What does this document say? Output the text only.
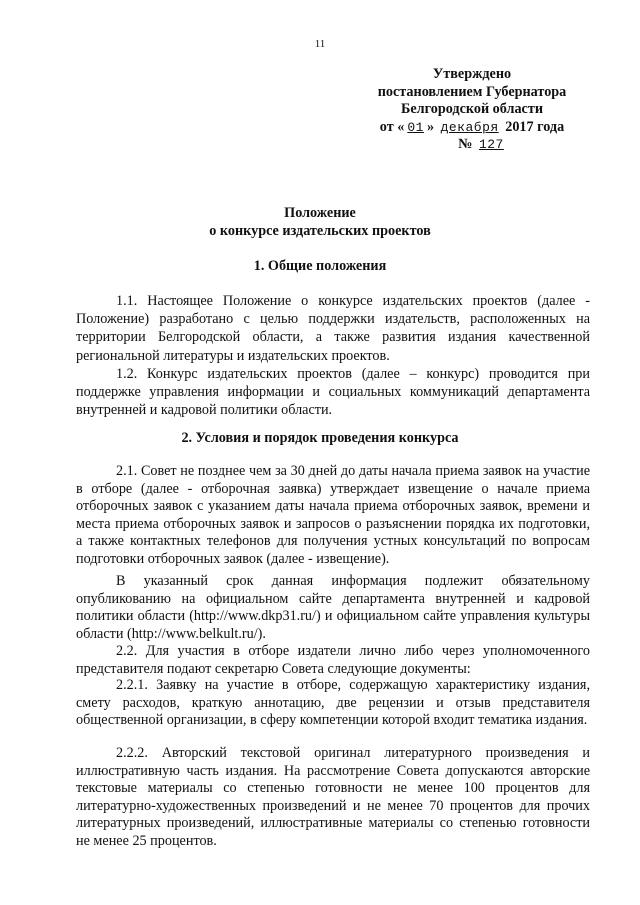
11
Утверждено
постановлением Губернатора
Белгородской области
от « 01 » декабря 2017 года
№ 127
Положение
о конкурсе издательских проектов
1. Общие положения
1.1. Настоящее Положение о конкурсе издательских проектов (далее - Положение) разработано с целью поддержки издательств, расположенных на территории Белгородской области, а также развития издания качественной региональной литературы и издательских проектов.
1.2. Конкурс издательских проектов (далее – конкурс) проводится при поддержке управления информации и социальных коммуникаций департамента внутренней и кадровой политики области.
2. Условия и порядок проведения конкурса
2.1. Совет не позднее чем за 30 дней до даты начала приема заявок на участие в отборе (далее - отборочная заявка) утверждает извещение о начале приема отборочных заявок с указанием даты начала приема отборочных заявок, времени и места приема отборочных заявок и запросов о разъяснении порядка их подготовки, а также контактных телефонов для получения устных консультаций по вопросам подготовки отборочных заявок (далее - извещение).
В указанный срок данная информация подлежит обязательному опубликованию на официальном сайте департамента внутренней и кадровой политики области (http://www.dkp31.ru/) и официальном сайте управления культуры области (http://www.belkult.ru/).
2.2. Для участия в отборе издатели лично либо через уполномоченного представителя подают секретарю Совета следующие документы:
2.2.1. Заявку на участие в отборе, содержащую характеристику издания, смету расходов, краткую аннотацию, две рецензии и отзыв представителя общественной организации, в сферу компетенции которой входит тематика издания.
2.2.2. Авторский текстовой оригинал литературного произведения и иллюстративную часть издания. На рассмотрение Совета допускаются авторские текстовые материалы со степенью готовности не менее 100 процентов для литературно-художественных произведений и не менее 70 процентов для прочих литературных произведений, иллюстративные материалы со степенью готовности не менее 25 процентов.
